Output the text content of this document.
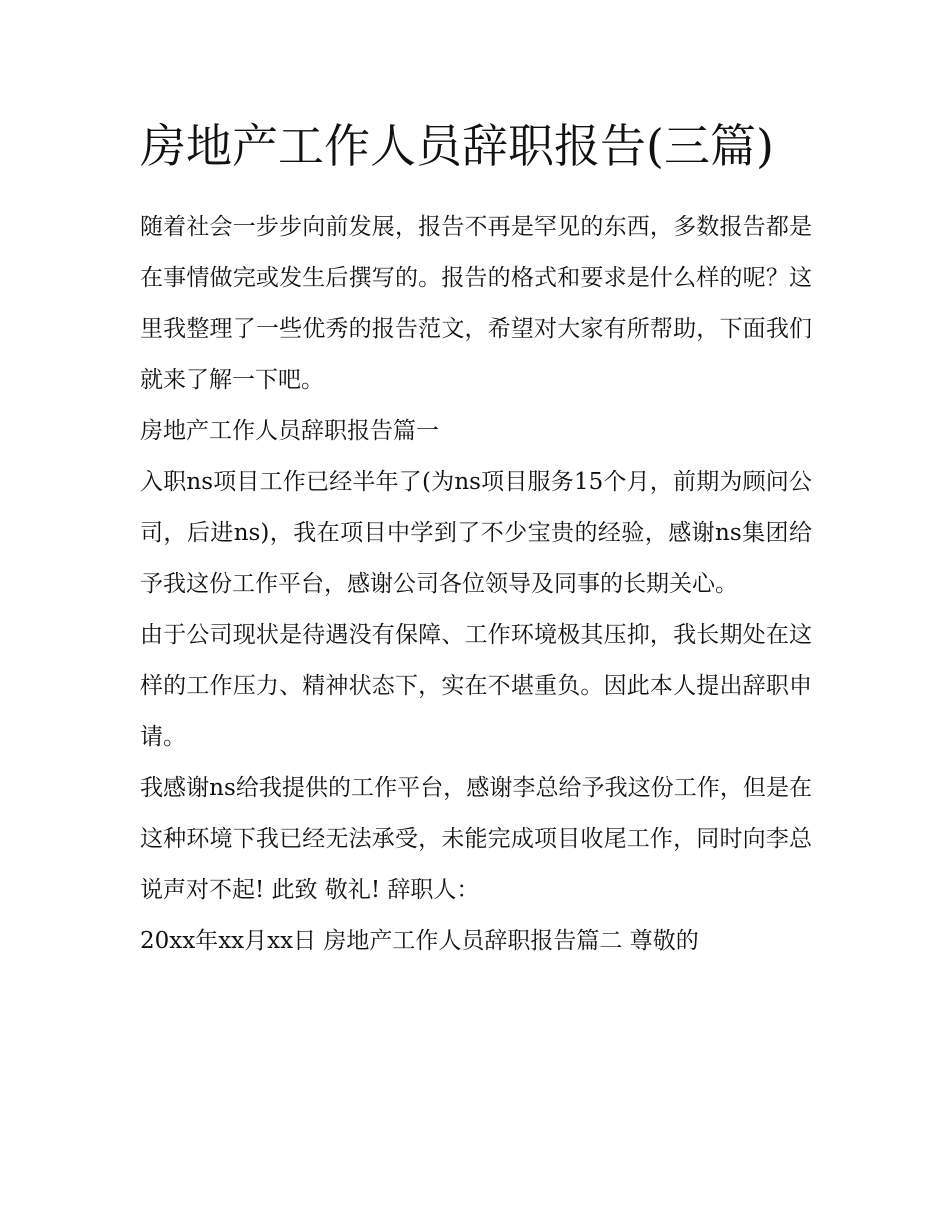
房地产工作人员辞职报告(三篇)

随着社会一步步向前发展，报告不再是罕见的东西，多数报告都是在事情做完或发生后撰写的。报告的格式和要求是什么样的呢？这里我整理了一些优秀的报告范文，希望对大家有所帮助，下面我们就来了解一下吧。

房地产工作人员辞职报告篇一

入职ns项目工作已经半年了(为ns项目服务15个月，前期为顾问公司，后进ns)，我在项目中学到了不少宝贵的经验，感谢ns集团给予我这份工作平台，感谢公司各位领导及同事的长期关心。

由于公司现状是待遇没有保障、工作环境极其压抑，我长期处在这样的工作压力、精神状态下，实在不堪重负。因此本人提出辞职申请。

我感谢ns给我提供的工作平台，感谢李总给予我这份工作，但是在这种环境下我已经无法承受，未能完成项目收尾工作，同时向李总说声对不起! 此致 敬礼! 辞职人：

20xx年xx月xx日 房地产工作人员辞职报告篇二 尊敬的
